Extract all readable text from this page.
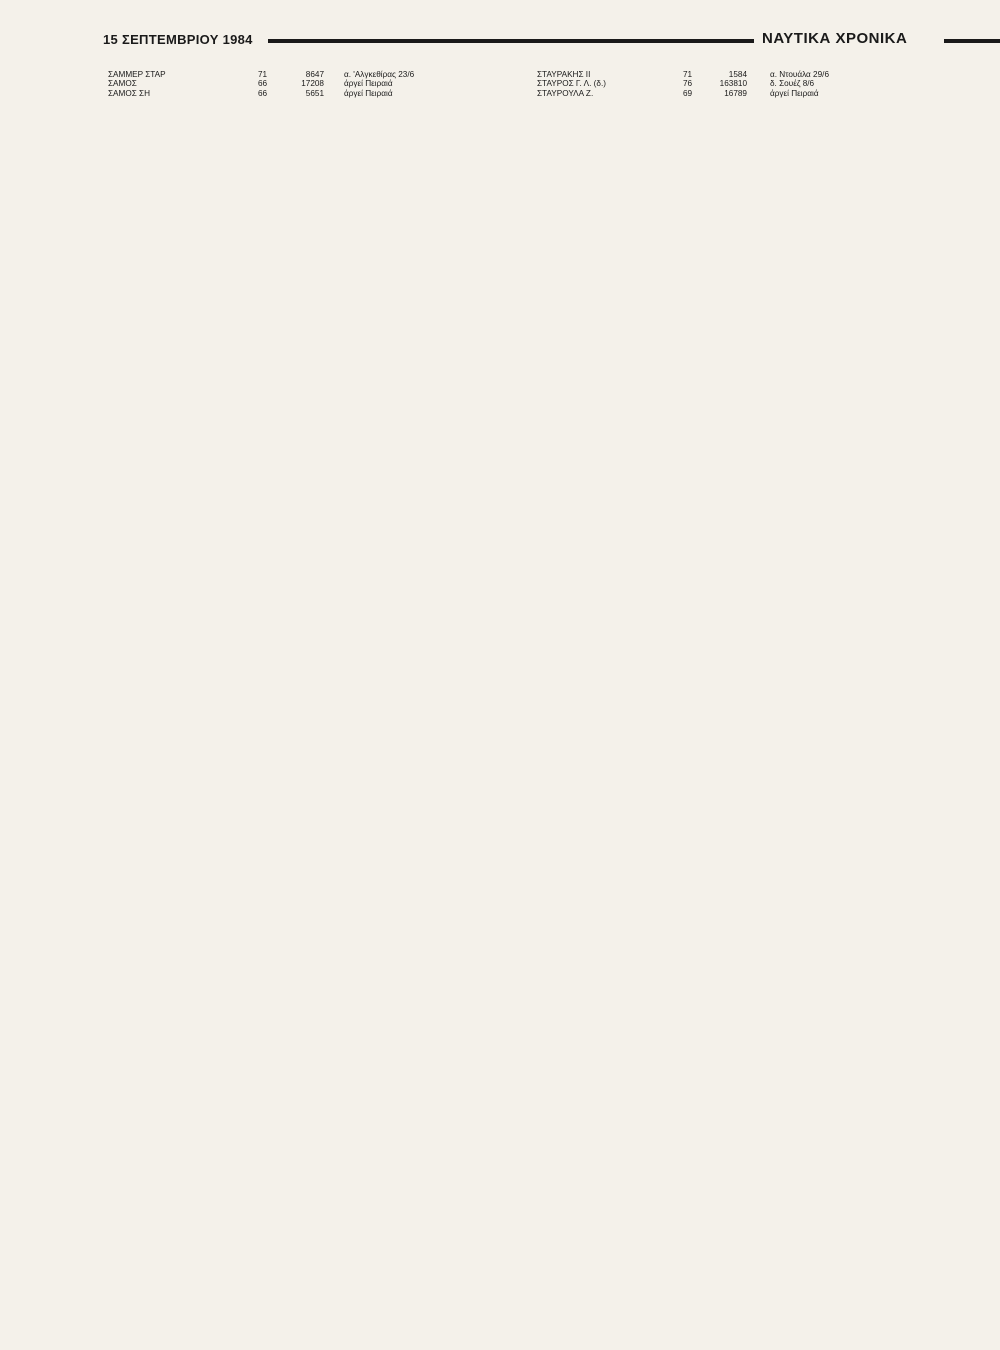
15 ΣΕΠΤΕΜΒΡΙΟΥ 1984	ΝΑΥΤΙΚΑ ΧΡΟΝΙΚΑ
ΣΑΜΜΕΡ ΣΤΑΡ	71	8647 α. 'Αλγκεθίρας 23/6
ΣΑΜΟΣ	66	17208 άργεί Πειραιά
ΣΑΜΟΣ ΣΗ	66	5651 άργεί Πειραιά
ΣΤΑΥΡΑΚΗΣ ΙΙ	71	1584	α. Ντουάλα 29/6
ΣΤΑΥΡΟΣ Γ. Λ. (δ.)	76	163810	δ. Σουέζ 8/6
ΣΤΑΥΡΟΥΛΑ Ζ.	69	16789	άργεί Πειραιά
